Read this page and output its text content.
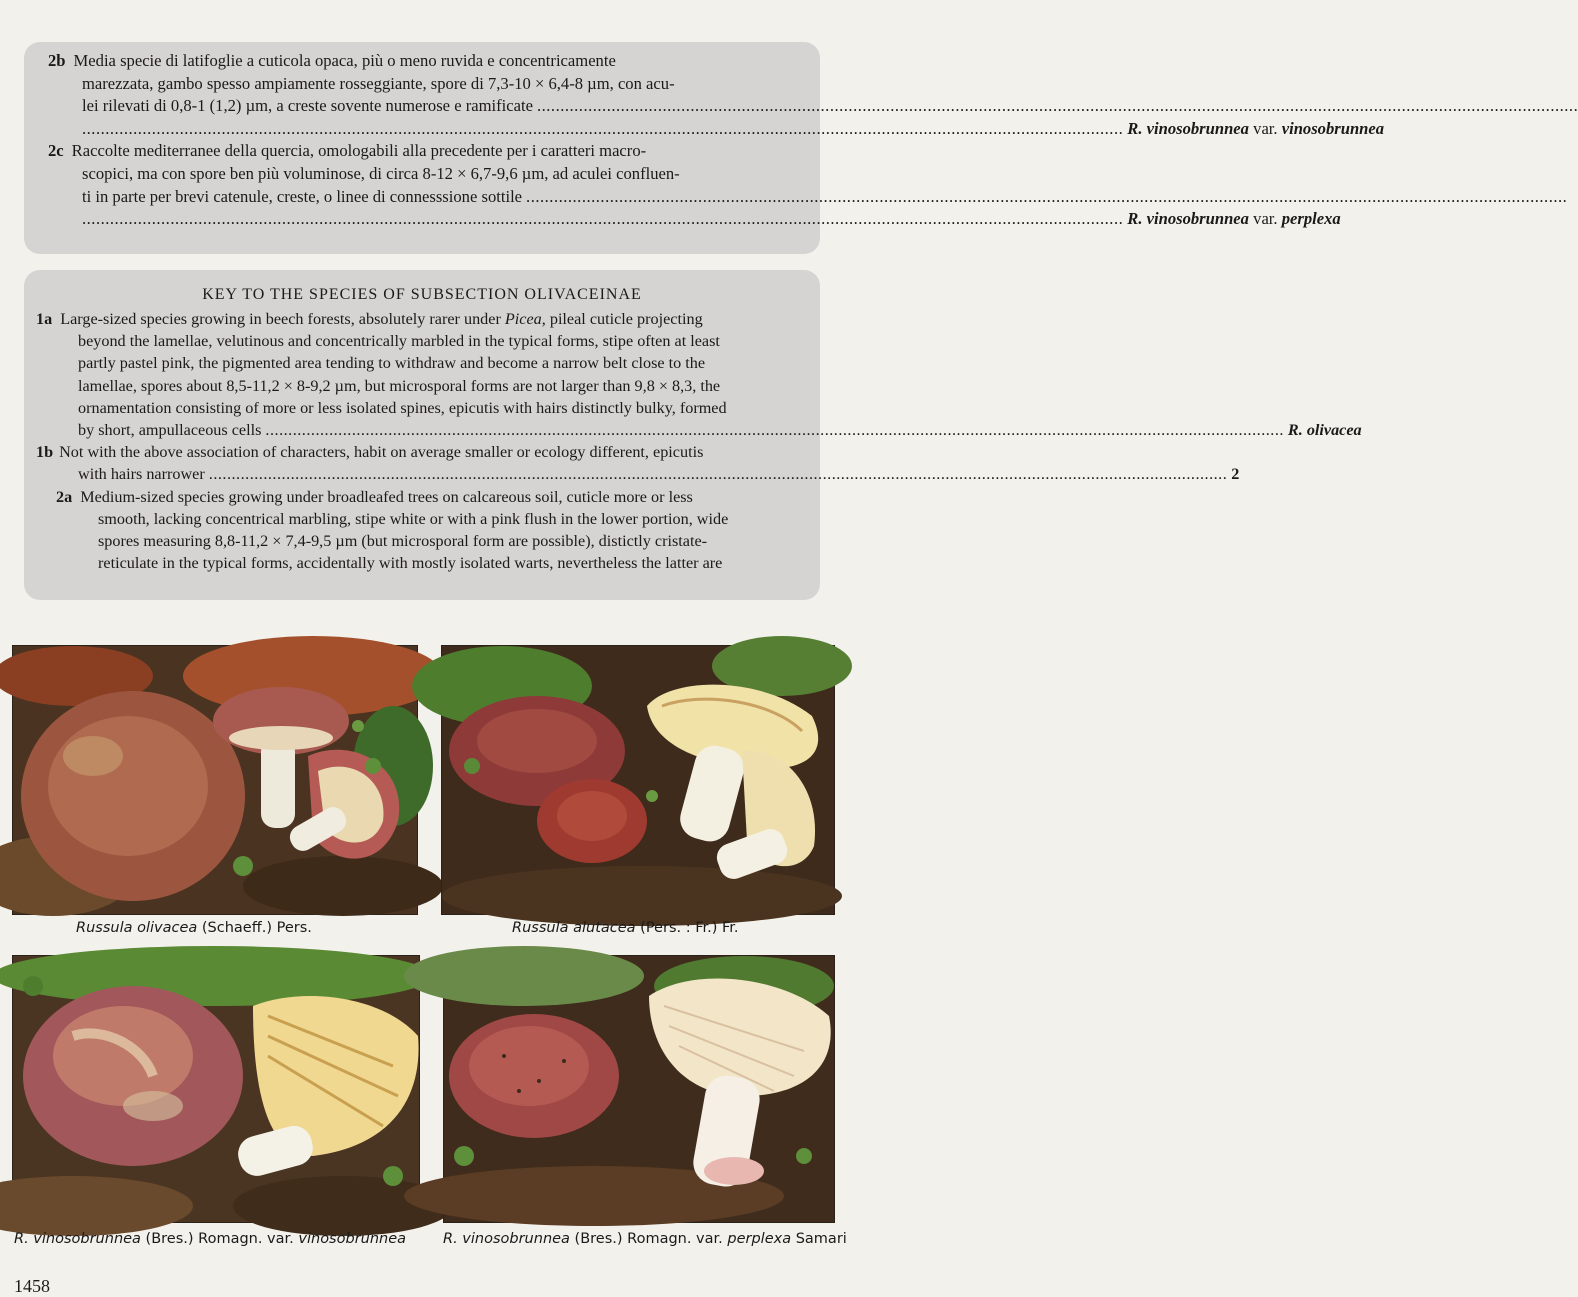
2b Media specie di latifoglie a cuticola opaca, più o meno ruvida e concentricamente
marezzata, gambo spesso ampiamente rosseggiante, spore di 7,3-10 × 6,4-8 µm, con acu-
lei rilevati di 0,8-1 (1,2) µm, a creste sovente numerose e ramificate
.....
.....
R. vinosobrunnea var. vinosobrunnea
2c Raccolte mediterranee della quercia, omologabili alla precedente per i caratteri macro-
scopici, ma con spore ben più voluminose, di circa 8-12 × 6,7-9,6 µm, ad aculei confluen-
ti in parte per brevi catenule, creste, o linee di connesssione sottile
.....
.....
R. vinosobrunnea var. perplexa
KEY TO THE SPECIES OF SUBSECTION OLIVACEINAE
1a Large-sized species growing in beech forests, absolutely rarer under Picea, pileal cuticle projecting
beyond the lamellae, velutinous and concentrically marbled in the typical forms, stipe often at least
partly pastel pink, the pigmented area tending to withdraw and become a narrow belt close to the
lamellae, spores about 8,5-11,2 × 8-9,2 µm, but microsporal forms are not larger than 9,8 × 8,3, the
ornamentation consisting of more or less isolated spines, epicutis with hairs distinctly bulky, formed
by short, ampullaceous cells .....	R. olivacea
1b Not with the above association of characters, habit on average smaller or ecology different, epicutis
with hairs narrower .....	2
2a Medium-sized species growing under broadleafed trees on calcareous soil, cuticle more or less
smooth, lacking concentrical marbling, stipe white or with a pink flush in the lower portion, wide
spores measuring 8,8-11,2 × 7,4-9,5 µm (but microsporal form are possible), distictly cristate-
reticulate in the typical forms, accidentally with mostly isolated warts, nevertheless the latter are
Russula olivacea (Schaeff.) Pers.	Russula alutacea (Pers. : Fr.) Fr.
R. vinosobrunnea (Bres.) Romagn. var. vinosobrunnea	R. vinosobrunnea (Bres.) Romagn. var. perplexa Samari
1458
